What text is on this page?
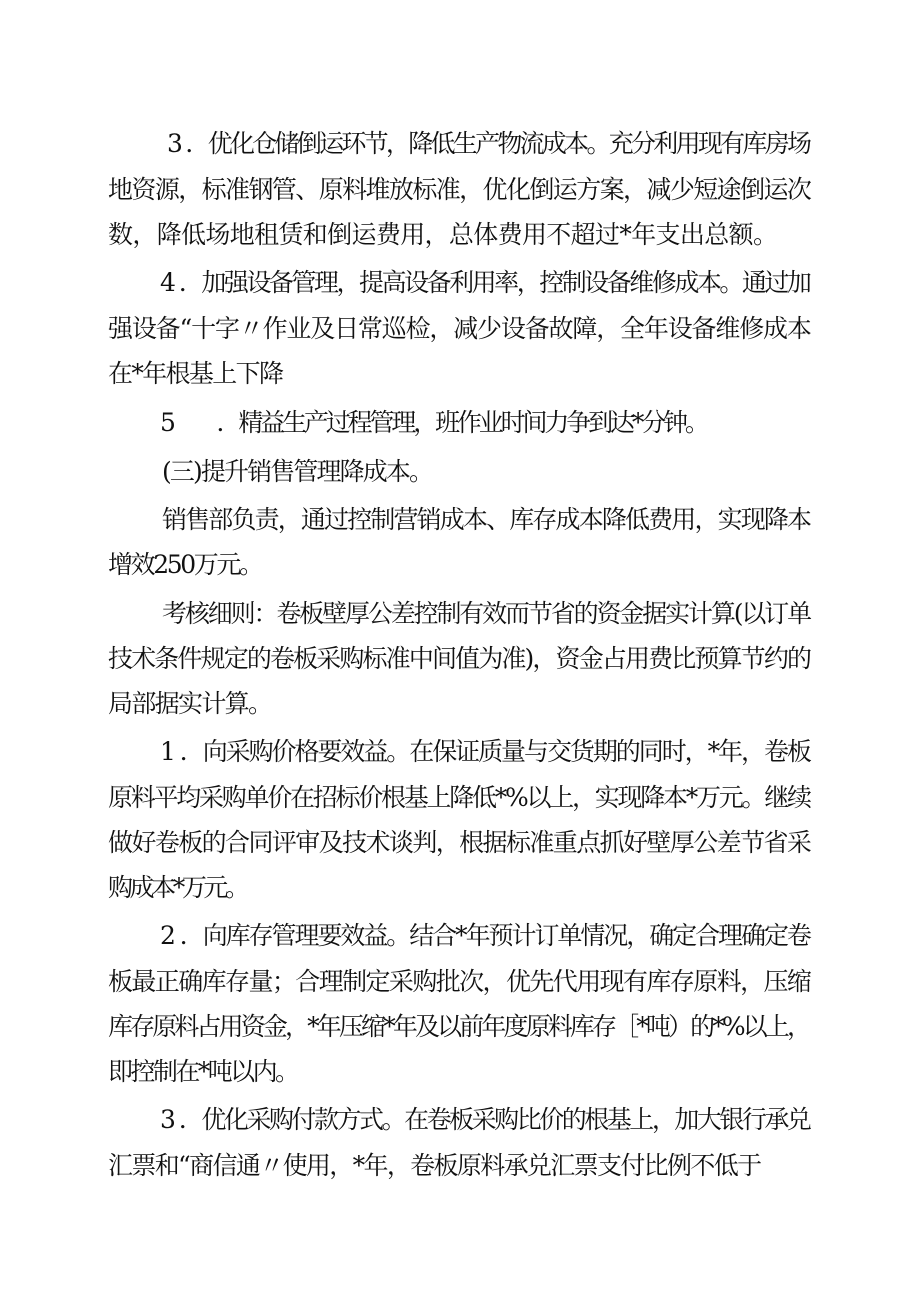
3 ．优化仓储倒运环节，降低生产物流成本。充分利用现有库房场
地资源，标准钢管、原料堆放标准，优化倒运方案，减少短途倒运次
数，降低场地租赁和倒运费用，总体费用不超过*年支出总额。
4 ．加强设备管理，提高设备利用率，控制设备维修成本。通过加
强设备“十字〃作业及日常巡检，减少设备故障，全年设备维修成本
在*年根基上下降
5　　．精益生产过程管理，班作业时间力争到达*分钟。
(三)提升销售管理降成本。
销售部负责，通过控制营销成本、库存成本降低费用，实现降本
增效250万元。
考核细则：卷板壁厚公差控制有效而节省的资金据实计算(以订单
技术条件规定的卷板采购标准中间值为准)，资金占用费比预算节约的
局部据实计算。
1 ．向采购价格要效益。在保证质量与交货期的同时，*年，卷板
原料平均采购单价在招标价根基上降低*%以上，实现降本*万元。继续
做好卷板的合同评审及技术谈判，根据标准重点抓好壁厚公差节省采
购成本*万元。
2 ．向库存管理要效益。结合*年预计订单情况，确定合理确定卷
板最正确库存量；合理制定采购批次，优先代用现有库存原料，压缩
库存原料占用资金，*年压缩*年及以前年度原料库存［*吨）的*%以上，
即控制在*吨以内。
3 ．优化采购付款方式。在卷板采购比价的根基上，加大银行承兑
汇票和“商信通〃使用，*年，卷板原料承兑汇票支付比例不低于
